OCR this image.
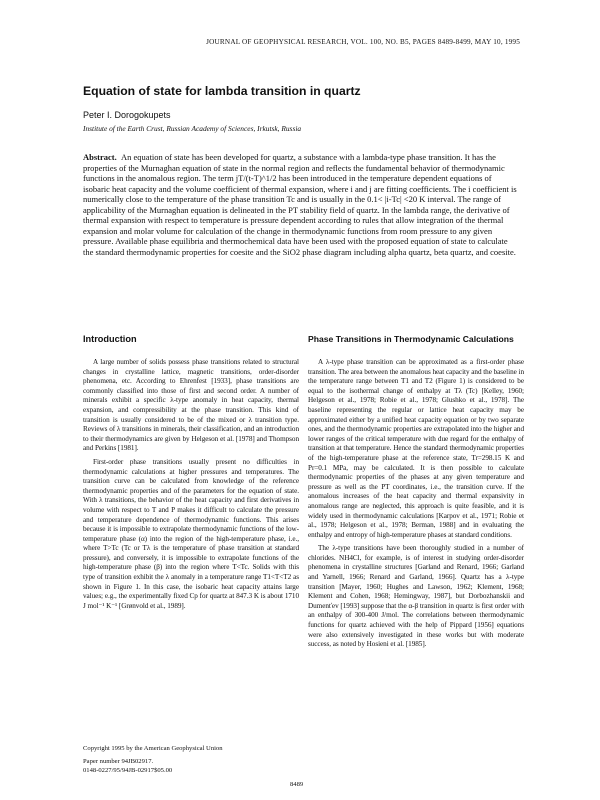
JOURNAL OF GEOPHYSICAL RESEARCH, VOL. 100, NO. B5, PAGES 8489-8499, MAY 10, 1995
Equation of state for lambda transition in quartz
Peter I. Dorogokupets
Institute of the Earth Crust, Russian Academy of Sciences, Irkutsk, Russia

Abstract. An equation of state has been developed for quartz, a substance with a lambda-type phase transition. It has the properties of the Murnaghan equation of state in the normal region and reflects the fundamental behavior of thermodynamic functions in the anomalous region. The term jT/(t-T)^1/2 has been introduced in the temperature dependent equations of isobaric heat capacity and the volume coefficient of thermal expansion, where i and j are fitting coefficients. The i coefficient is numerically close to the temperature of the phase transition Tc and is usually in the 0.1< |i-Tc| <20 K interval. The range of applicability of the Murnaghan equation is delineated in the PT stability field of quartz. In the lambda range, the derivative of thermal expansion with respect to temperature is pressure dependent according to rules that allow integration of the thermal expansion and molar volume for calculation of the change in thermodynamic functions from room pressure to any given pressure. Available phase equilibria and thermochemical data have been used with the proposed equation of state to calculate the standard thermodynamic properties for coesite and the SiO2 phase diagram including alpha quartz, beta quartz, and coesite.

Introduction

A large number of solids possess phase transitions related to structural changes in crystalline lattice, magnetic transitions, order-disorder phenomena, etc. According to Ehrenfest [1933], phase transitions are commonly classified into those of first and second order. A number of minerals exhibit a specific λ-type anomaly in heat capacity, thermal expansion, and compressibility at the phase transition. This kind of transition is usually considered to be of the mixed or λ transition type. Reviews of λ transitions in minerals, their classification, and an introduction to their thermodynamics are given by Helgeson et al. [1978] and Thompson and Perkins [1981].

First-order phase transitions usually present no difficulties in thermodynamic calculations at higher pressures and temperatures. The transition curve can be calculated from knowledge of the reference thermodynamic properties and of the parameters for the equation of state. With λ transitions, the behavior of the heat capacity and first derivatives in volume with respect to T and P makes it difficult to calculate the pressure and temperature dependence of thermodynamic functions. This arises because it is impossible to extrapolate thermodynamic functions of the low-temperature phase (α) into the region of the high-temperature phase, i.e., where T>Tc (Tc or Tλ is the temperature of phase transition at standard pressure), and conversely, it is impossible to extrapolate functions of the high-temperature phase (β) into the region where T<Tc. Solids with this type of transition exhibit the λ anomaly in a temperature range T1<T<T2 as shown in Figure 1. In this case, the isobaric heat capacity attains large values; e.g., the experimentally fixed Cp for quartz at 847.3 K is about 1710 J mol⁻¹ K⁻¹ [Grønvold et al., 1989].

Phase Transitions in Thermodynamic Calculations

A λ-type phase transition can be approximated as a first-order phase transition. The area between the anomalous heat capacity and the baseline in the temperature range between T1 and T2 (Figure 1) is considered to be equal to the isothermal change of enthalpy at Tλ (Tc) [Kelley, 1960; Helgeson et al., 1978; Robie et al., 1978; Glushko et al., 1978]. The baseline representing the regular or lattice heat capacity may be approximated either by a unified heat capacity equation or by two separate ones, and the thermodynamic properties are extrapolated into the higher and lower ranges of the critical temperature with due regard for the enthalpy of transition at that temperature. Hence the standard thermodynamic properties of the high-temperature phase at the reference state, Tr=298.15 K and Pr=0.1 MPa, may be calculated. It is then possible to calculate thermodynamic properties of the phases at any given temperature and pressure as well as the PT coordinates, i.e., the transition curve. If the anomalous increases of the heat capacity and thermal expansivity in anomalous range are neglected, this approach is quite feasible, and it is widely used in thermodynamic calculations [Karpov et al., 1971; Robie et al., 1978; Helgeson et al., 1978; Berman, 1988] and in evaluating the enthalpy and entropy of high-temperature phases at standard conditions.

The λ-type transitions have been thoroughly studied in a number of chlorides. NH4Cl, for example, is of interest in studying order-disorder phenomena in crystalline structures [Garland and Renard, 1966; Garland and Yarnell, 1966; Renard and Garland, 1966]. Quartz has a λ-type transition [Mayer, 1960; Hughes and Lawson, 1962; Klement, 1968; Klement and Cohen, 1968; Hemingway, 1987], but Dorbozhanskii and Dumenťev [1993] suppose that the α-β transition in quartz is first order with an enthalpy of 300-400 J/mol. The correlations between thermodynamic functions for quartz achieved with the help of Pippard [1956] equations were also extensively investigated in these works but with moderate success, as noted by Hosieni et al. [1985].

Copyright 1995 by the American Geophysical Union
Paper number 94JB02917.
0148-0227/95/94JB-02917$05.00
8489
